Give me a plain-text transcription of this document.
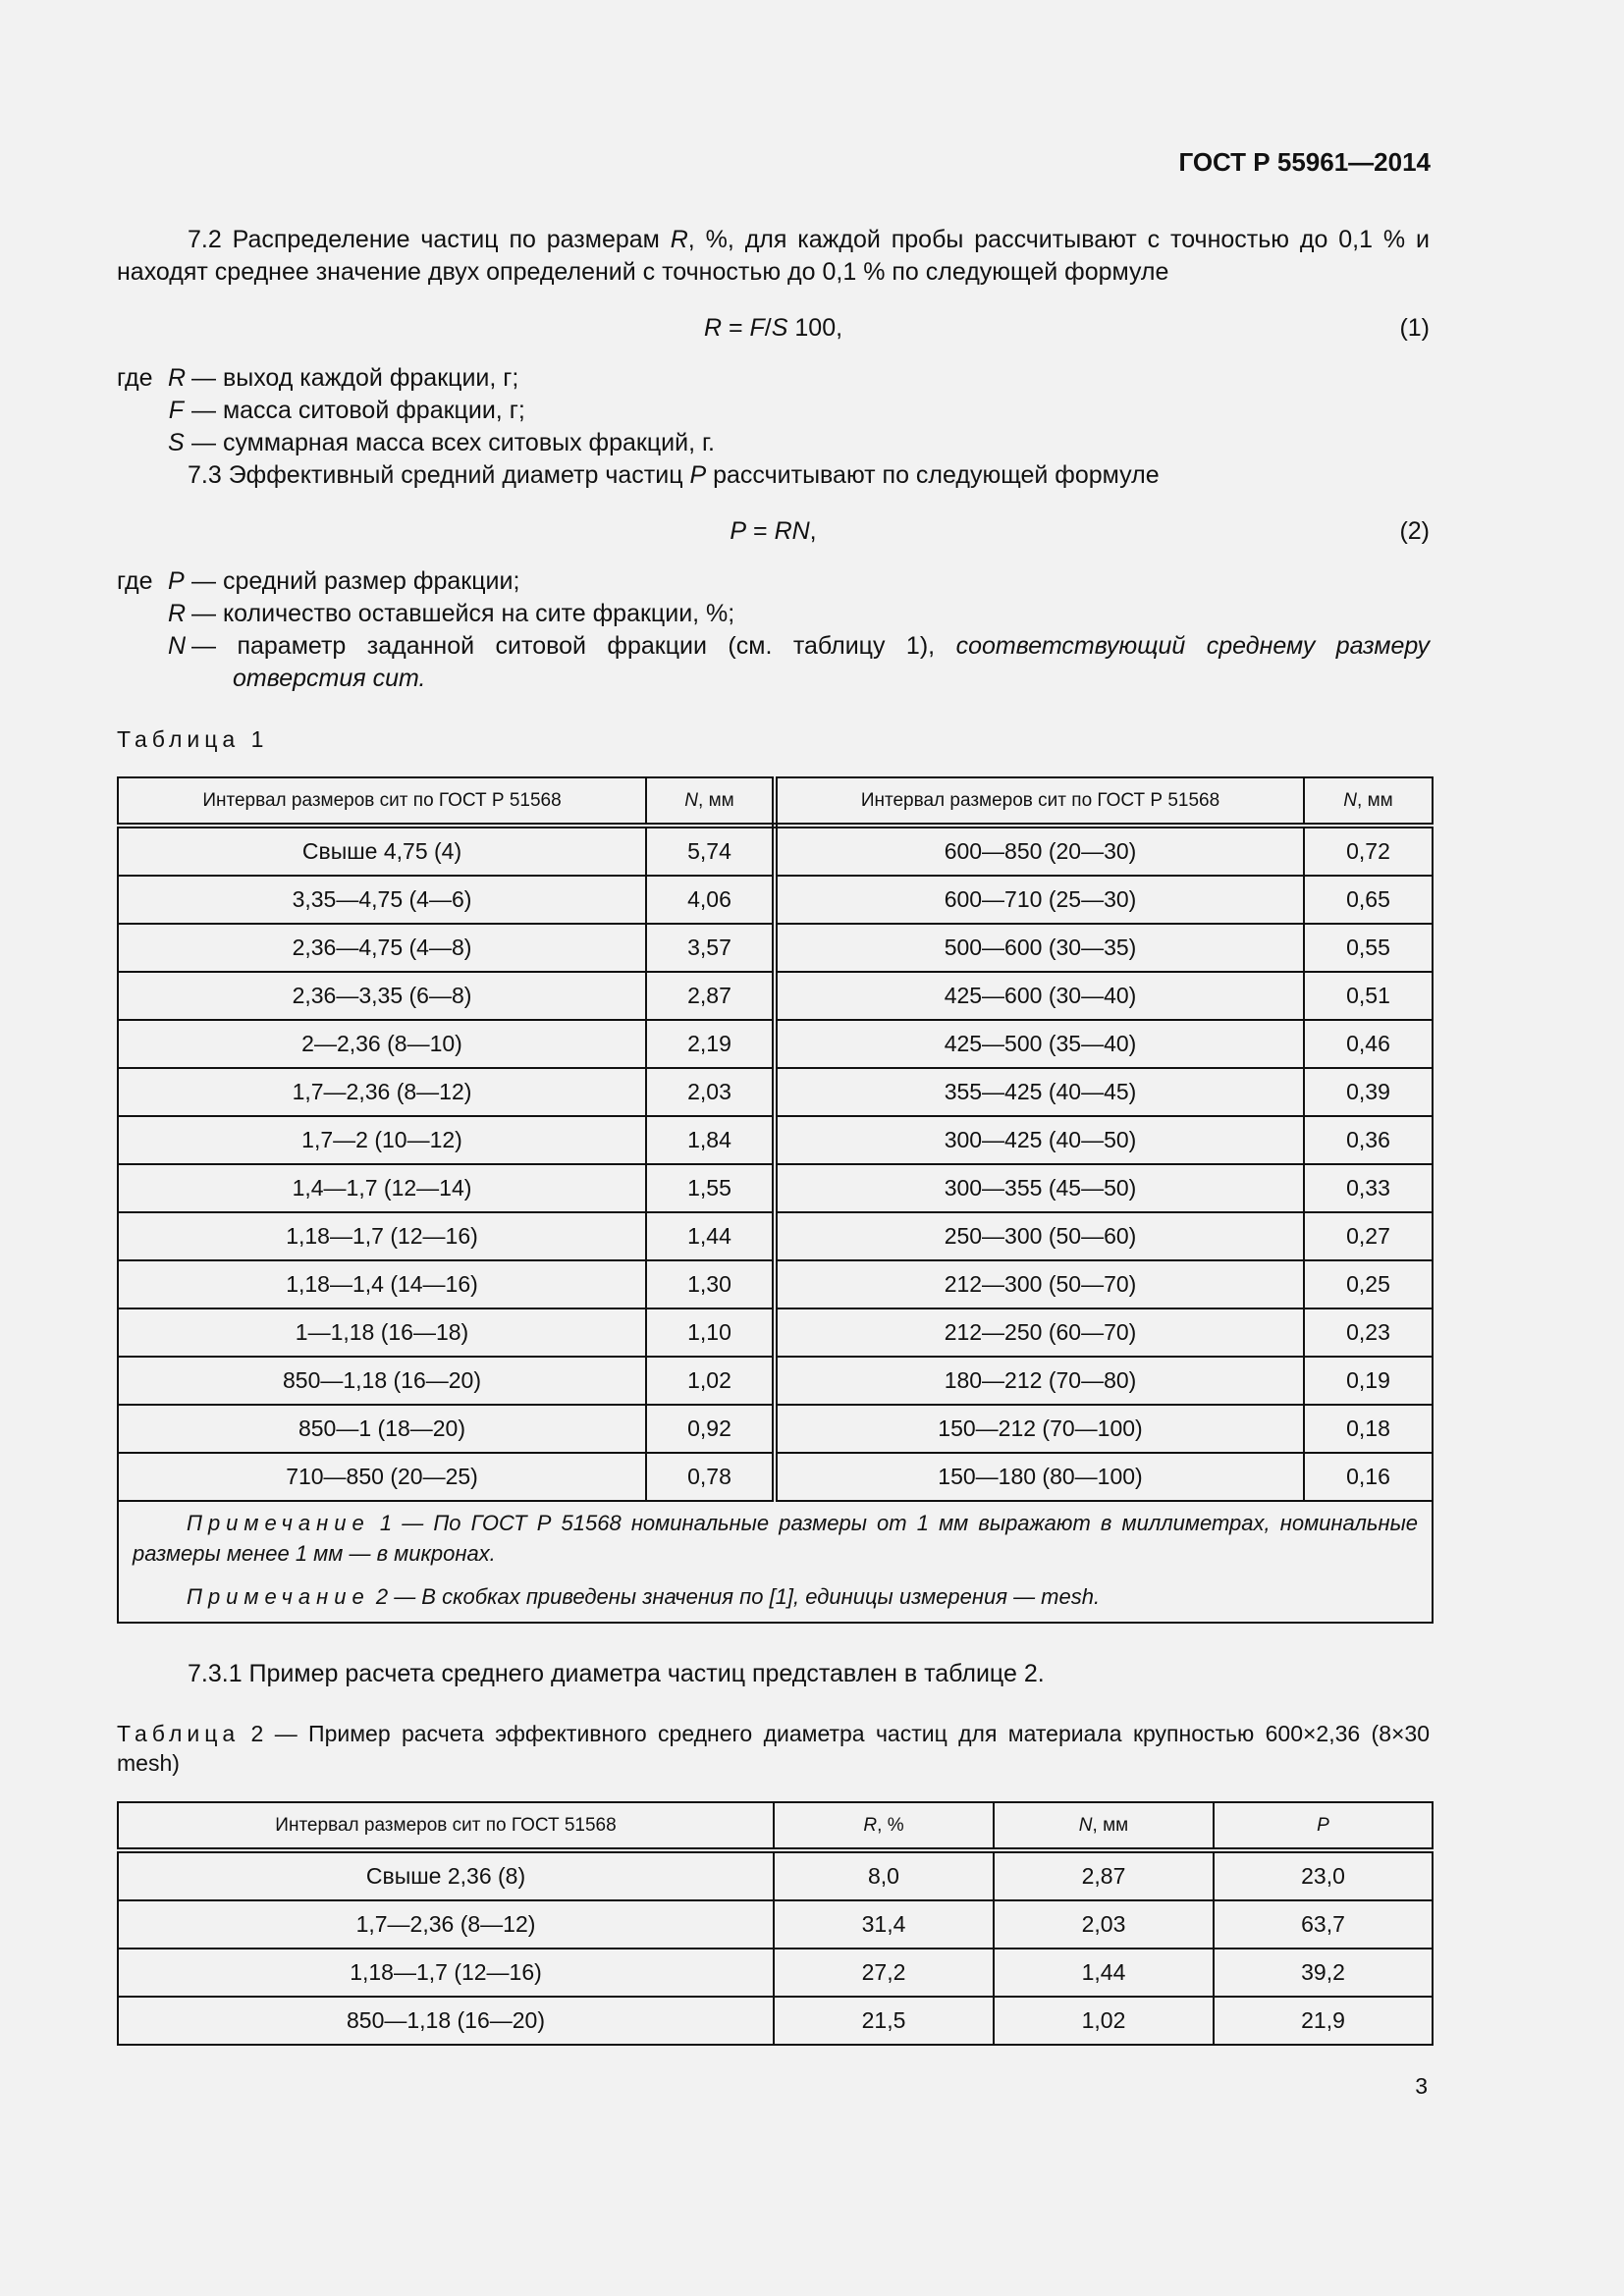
ГОСТ Р 55961—2014
7.2 Распределение частиц по размерам R, %, для каждой пробы рассчитывают с точностью до 0,1 % и находят среднее значение двух определений с точностью до 0,1 % по следующей формуле
R = F/S 100,	(1)
где R — выход каждой фракции, г;
F — масса ситовой фракции, г;
S — суммарная масса всех ситовых фракций, г.
7.3 Эффективный средний диаметр частиц P рассчитывают по следующей формуле
P = RN,	(2)
где P — средний размер фракции;
R — количество оставшейся на сите фракции, %;
N — параметр заданной ситовой фракции (см. таблицу 1), соответствующий среднему размеру
отверстия сит.
Таблица 1
Интервал размеров сит по ГОСТ Р 51568	N, мм	Интервал размеров сит по ГОСТ Р 51568	N, мм
Свыше 4,75 (4)	5,74	600—850 (20—30)	0,72
3,35—4,75 (4—6)	4,06	600—710 (25—30)	0,65
2,36—4,75 (4—8)	3,57	500—600 (30—35)	0,55
2,36—3,35 (6—8)	2,87	425—600 (30—40)	0,51
2—2,36 (8—10)	2,19	425—500 (35—40)	0,46
1,7—2,36 (8—12)	2,03	355—425 (40—45)	0,39
1,7—2 (10—12)	1,84	300—425 (40—50)	0,36
1,4—1,7 (12—14)	1,55	300—355 (45—50)	0,33
1,18—1,7 (12—16)	1,44	250—300 (50—60)	0,27
1,18—1,4 (14—16)	1,30	212—300 (50—70)	0,25
1—1,18 (16—18)	1,10	212—250 (60—70)	0,23
850—1,18 (16—20)	1,02	180—212 (70—80)	0,19
850—1 (18—20)	0,92	150—212 (70—100)	0,18
710—850 (20—25)	0,78	150—180 (80—100)	0,16

Примечание 1 — По ГОСТ Р 51568 номинальные размеры от 1 мм выражают в миллиметрах, номинальные размеры менее 1 мм — в микронах.

Примечание 2 — В скобках приведены значения по [1], единицы измерения — mesh.			

7.3.1 Пример расчета среднего диаметра частиц представлен в таблице 2.
Таблица 2 — Пример расчета эффективного среднего диаметра частиц для материала крупностью 600×2,36 (8×30 mesh)
Интервал размеров сит по ГОСТ 51568	R, %	N, мм	P
Свыше 2,36 (8)	8,0	2,87	23,0
1,7—2,36 (8—12)	31,4	2,03	63,7
1,18—1,7 (12—16)	27,2	1,44	39,2
850—1,18 (16—20)	21,5	1,02	21,9
3
